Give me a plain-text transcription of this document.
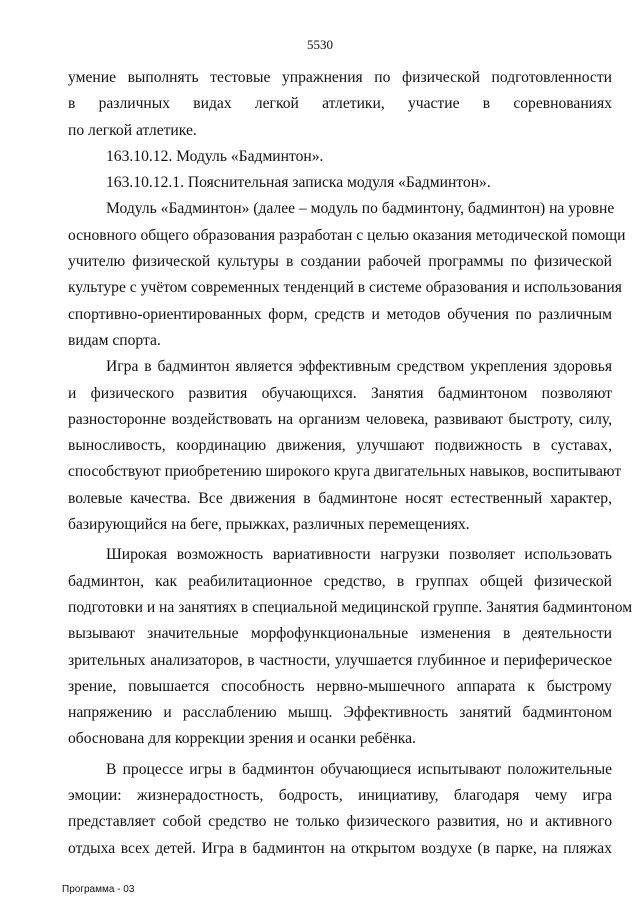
5530

умение выполнять тестовые упражнения по физической подготовленности
в различных видах легкой атлетики, участие в соревнованиях
по легкой атлетике.

163.10.12. Модуль «Бадминтон».

163.10.12.1. Пояснительная записка модуля «Бадминтон».

Модуль «Бадминтон» (далее – модуль по бадминтону, бадминтон) на уровне
основного общего образования разработан с целью оказания методической помощи
учителю физической культуры в создании рабочей программы по физической
культуре с учётом современных тенденций в системе образования и использования
спортивно-ориентированных форм, средств и методов обучения по различным
видам спорта.

Игра в бадминтон является эффективным средством укрепления здоровья
и физического развития обучающихся. Занятия бадминтоном позволяют
разносторонне воздействовать на организм человека, развивают быстроту, силу,
выносливость, координацию движения, улучшают подвижность в суставах,
способствуют приобретению широкого круга двигательных навыков, воспитывают
волевые качества. Все движения в бадминтоне носят естественный характер,
базирующийся на беге, прыжках, различных перемещениях.

Широкая возможность вариативности нагрузки позволяет использовать
бадминтон, как реабилитационное средство, в группах общей физической
подготовки и на занятиях в специальной медицинской группе. Занятия бадминтоном
вызывают значительные морфофункциональные изменения в деятельности
зрительных анализаторов, в частности, улучшается глубинное и периферическое
зрение, повышается способность нервно-мышечного аппарата к быстрому
напряжению и расслаблению мышц. Эффективность занятий бадминтоном
обоснована для коррекции зрения и осанки ребёнка.

В процессе игры в бадминтон обучающиеся испытывают положительные
эмоции: жизнерадостность, бодрость, инициативу, благодаря чему игра
представляет собой средство не только физического развития, но и активного
отдыха всех детей. Игра в бадминтон на открытом воздухе (в парке, на пляжах

Программа - 03
